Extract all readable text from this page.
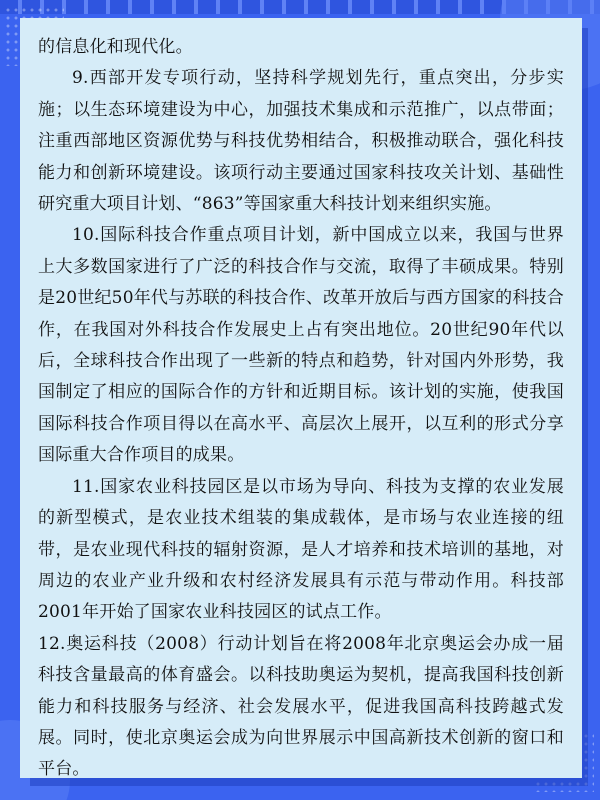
的信息化和现代化。

9.西部开发专项行动，坚持科学规划先行，重点突出，分步实施；以生态环境建设为中心，加强技术集成和示范推广，以点带面；注重西部地区资源优势与科技优势相结合，积极推动联合，强化科技能力和创新环境建设。该项行动主要通过国家科技攻关计划、基础性研究重大项目计划、“863”等国家重大科技计划来组织实施。

10.国际科技合作重点项目计划，新中国成立以来，我国与世界上大多数国家进行了广泛的科技合作与交流，取得了丰硕成果。特别是20世纪50年代与苏联的科技合作、改革开放后与西方国家的科技合作，在我国对外科技合作发展史上占有突出地位。20世纪90年代以后，全球科技合作出现了一些新的特点和趋势，针对国内外形势，我国制定了相应的国际合作的方针和近期目标。该计划的实施，使我国国际科技合作项目得以在高水平、高层次上展开，以互利的形式分享国际重大合作项目的成果。

11.国家农业科技园区是以市场为导向、科技为支撑的农业发展的新型模式，是农业技术组装的集成载体，是市场与农业连接的纽带，是农业现代科技的辐射资源，是人才培养和技术培训的基地，对周边的农业产业升级和农村经济发展具有示范与带动作用。科技部2001年开始了国家农业科技园区的试点工作。

12.奥运科技（2008）行动计划旨在将2008年北京奥运会办成一届科技含量最高的体育盛会。以科技助奥运为契机，提高我国科技创新能力和科技服务与经济、社会发展水平，促进我国高科技跨越式发展。同时，使北京奥运会成为向世界展示中国高新技术创新的窗口和平台。
